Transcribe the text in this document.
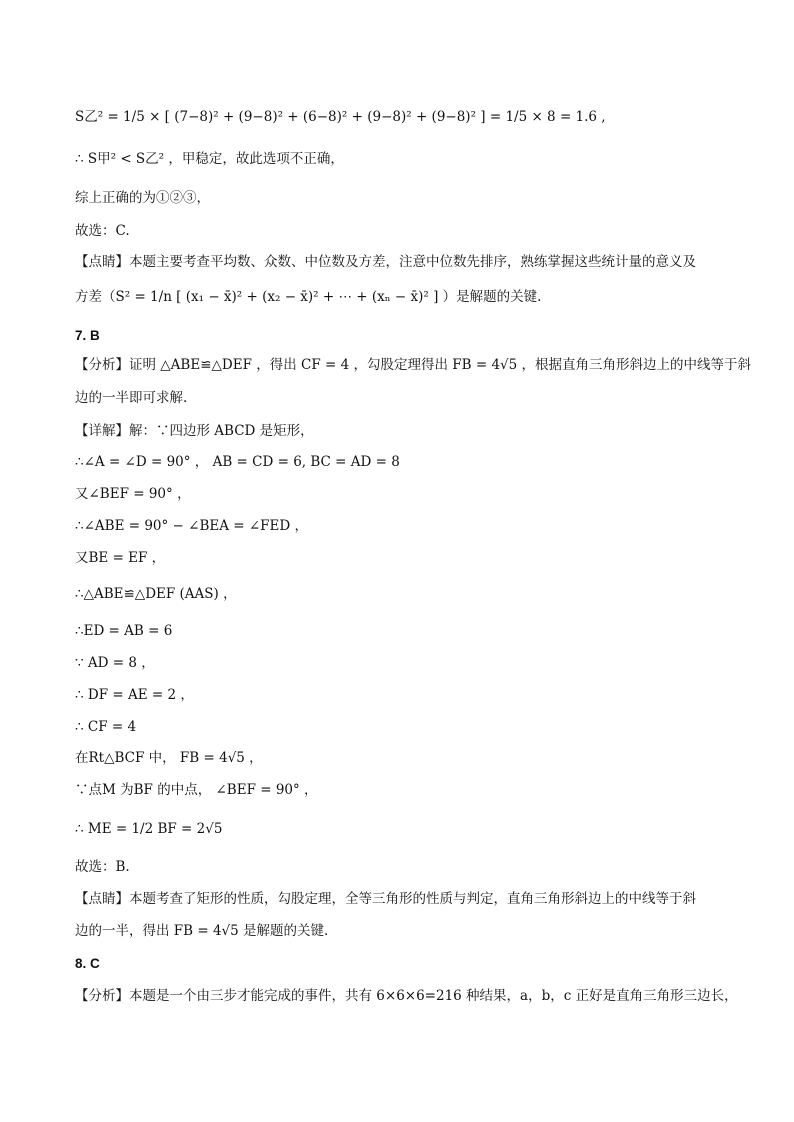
S乙² = 1/5 × [ (7−8)² + (9−8)² + (6−8)² + (9−8)² + (9−8)² ] = 1/5 × 8 = 1.6 ,
∴ S甲² < S乙² ，甲稳定，故此选项不正确，
综上正确的为①②③，
故选：C.
【点睛】本题主要考查平均数、众数、中位数及方差，注意中位数先排序，熟练掌握这些统计量的意义及
方差（S² = 1/n [ (x₁ − x̄)² + (x₂ − x̄)² + ⋯ + (xₙ − x̄)² ] ）是解题的关键.
7. B
【分析】证明 △ABE≌△DEF ，得出 CF = 4 ，勾股定理得出 FB = 4√5 ，根据直角三角形斜边上的中线等于斜
边的一半即可求解.
【详解】解：∵四边形 ABCD 是矩形，
∴∠A = ∠D = 90° ， AB = CD = 6, BC = AD = 8
又∠BEF = 90° ，
∴∠ABE = 90° − ∠BEA = ∠FED ，
又BE = EF ，
∴△ABE≌△DEF (AAS) ，
∴ED = AB = 6
∵ AD = 8 ，
∴ DF = AE = 2 ，
∴ CF = 4
在Rt△BCF 中， FB = 4√5 ，
∵点M 为BF 的中点， ∠BEF = 90° ，
∴ ME = 1/2 BF = 2√5
故选：B.
【点睛】本题考查了矩形的性质，勾股定理，全等三角形的性质与判定，直角三角形斜边上的中线等于斜
边的一半，得出 FB = 4√5 是解题的关键.
8. C
【分析】本题是一个由三步才能完成的事件，共有 6×6×6=216 种结果，a，b，c 正好是直角三角形三边长，
